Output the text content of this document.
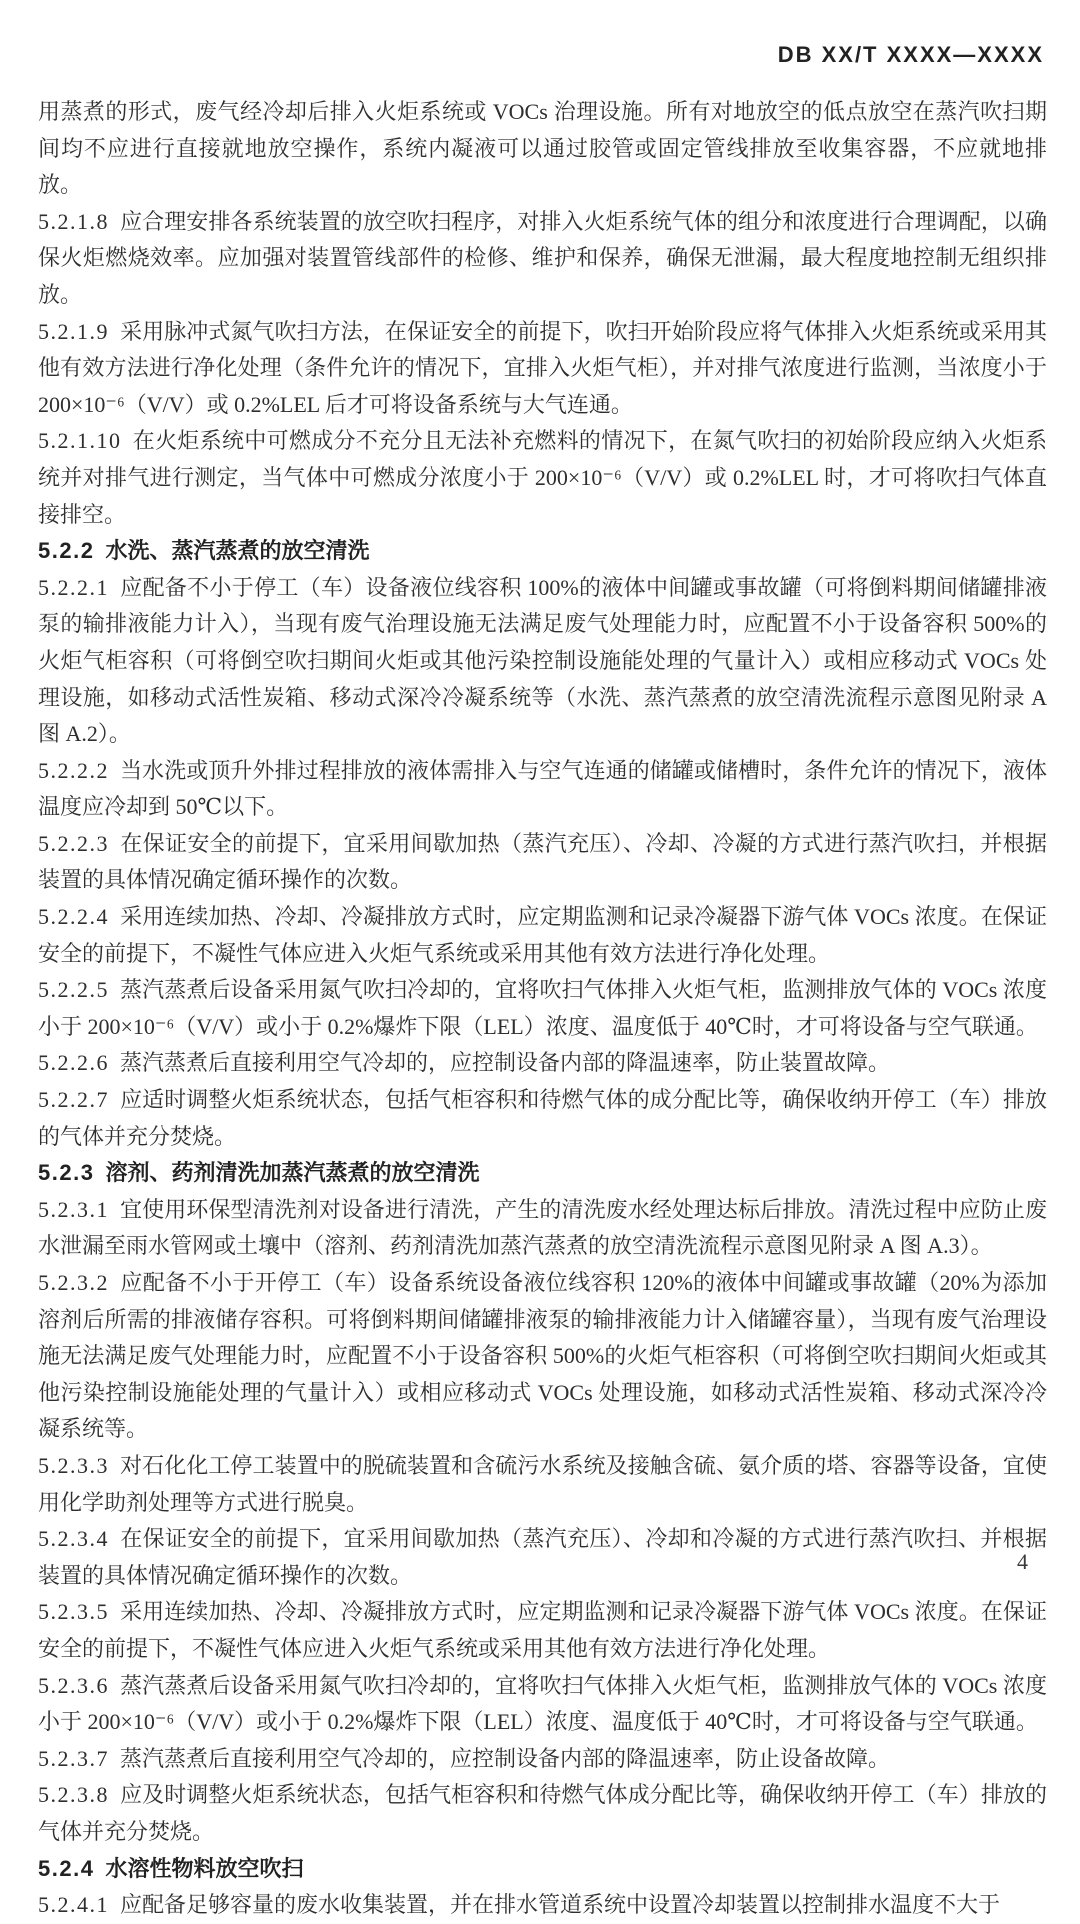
DB XX/T XXXX—XXXX
用蒸煮的形式，废气经冷却后排入火炬系统或 VOCs 治理设施。所有对地放空的低点放空在蒸汽吹扫期间均不应进行直接就地放空操作，系统内凝液可以通过胶管或固定管线排放至收集容器，不应就地排放。
5.2.1.8  应合理安排各系统装置的放空吹扫程序，对排入火炬系统气体的组分和浓度进行合理调配，以确保火炬燃烧效率。应加强对装置管线部件的检修、维护和保养，确保无泄漏，最大程度地控制无组织排放。
5.2.1.9  采用脉冲式氮气吹扫方法，在保证安全的前提下，吹扫开始阶段应将气体排入火炬系统或采用其他有效方法进行净化处理（条件允许的情况下，宜排入火炬气柜），并对排气浓度进行监测，当浓度小于 200×10⁻⁶（V/V）或 0.2%LEL 后才可将设备系统与大气连通。
5.2.1.10  在火炬系统中可燃成分不充分且无法补充燃料的情况下，在氮气吹扫的初始阶段应纳入火炬系统并对排气进行测定，当气体中可燃成分浓度小于 200×10⁻⁶（V/V）或 0.2%LEL 时，才可将吹扫气体直接排空。
5.2.2  水洗、蒸汽蒸煮的放空清洗
5.2.2.1  应配备不小于停工（车）设备液位线容积 100%的液体中间罐或事故罐（可将倒料期间储罐排液泵的输排液能力计入），当现有废气治理设施无法满足废气处理能力时，应配置不小于设备容积 500%的火炬气柜容积（可将倒空吹扫期间火炬或其他污染控制设施能处理的气量计入）或相应移动式 VOCs 处理设施，如移动式活性炭箱、移动式深冷冷凝系统等（水洗、蒸汽蒸煮的放空清洗流程示意图见附录 A 图 A.2）。
5.2.2.2  当水洗或顶升外排过程排放的液体需排入与空气连通的储罐或储槽时，条件允许的情况下，液体温度应冷却到 50℃以下。
5.2.2.3  在保证安全的前提下，宜采用间歇加热（蒸汽充压）、冷却、冷凝的方式进行蒸汽吹扫，并根据装置的具体情况确定循环操作的次数。
5.2.2.4  采用连续加热、冷却、冷凝排放方式时，应定期监测和记录冷凝器下游气体 VOCs 浓度。在保证安全的前提下，不凝性气体应进入火炬气系统或采用其他有效方法进行净化处理。
5.2.2.5  蒸汽蒸煮后设备采用氮气吹扫冷却的，宜将吹扫气体排入火炬气柜，监测排放气体的 VOCs 浓度小于 200×10⁻⁶（V/V）或小于 0.2%爆炸下限（LEL）浓度、温度低于 40℃时，才可将设备与空气联通。
5.2.2.6  蒸汽蒸煮后直接利用空气冷却的，应控制设备内部的降温速率，防止装置故障。
5.2.2.7  应适时调整火炬系统状态，包括气柜容积和待燃气体的成分配比等，确保收纳开停工（车）排放的气体并充分焚烧。
5.2.3  溶剂、药剂清洗加蒸汽蒸煮的放空清洗
5.2.3.1  宜使用环保型清洗剂对设备进行清洗，产生的清洗废水经处理达标后排放。清洗过程中应防止废水泄漏至雨水管网或土壤中（溶剂、药剂清洗加蒸汽蒸煮的放空清洗流程示意图见附录 A 图 A.3）。
5.2.3.2  应配备不小于开停工（车）设备系统设备液位线容积 120%的液体中间罐或事故罐（20%为添加溶剂后所需的排液储存容积。可将倒料期间储罐排液泵的输排液能力计入储罐容量），当现有废气治理设施无法满足废气处理能力时，应配置不小于设备容积 500%的火炬气柜容积（可将倒空吹扫期间火炬或其他污染控制设施能处理的气量计入）或相应移动式 VOCs 处理设施，如移动式活性炭箱、移动式深冷冷凝系统等。
5.2.3.3  对石化化工停工装置中的脱硫装置和含硫污水系统及接触含硫、氨介质的塔、容器等设备，宜使用化学助剂处理等方式进行脱臭。
5.2.3.4  在保证安全的前提下，宜采用间歇加热（蒸汽充压）、冷却和冷凝的方式进行蒸汽吹扫、并根据装置的具体情况确定循环操作的次数。
5.2.3.5  采用连续加热、冷却、冷凝排放方式时，应定期监测和记录冷凝器下游气体 VOCs 浓度。在保证安全的前提下，不凝性气体应进入火炬气系统或采用其他有效方法进行净化处理。
5.2.3.6  蒸汽蒸煮后设备采用氮气吹扫冷却的，宜将吹扫气体排入火炬气柜，监测排放气体的 VOCs 浓度小于 200×10⁻⁶（V/V）或小于 0.2%爆炸下限（LEL）浓度、温度低于 40℃时，才可将设备与空气联通。
5.2.3.7  蒸汽蒸煮后直接利用空气冷却的，应控制设备内部的降温速率，防止设备故障。
5.2.3.8  应及时调整火炬系统状态，包括气柜容积和待燃气体成分配比等，确保收纳开停工（车）排放的气体并充分焚烧。
5.2.4  水溶性物料放空吹扫
5.2.4.1  应配备足够容量的废水收集装置，并在排水管道系统中设置冷却装置以控制排水温度不大于
4
